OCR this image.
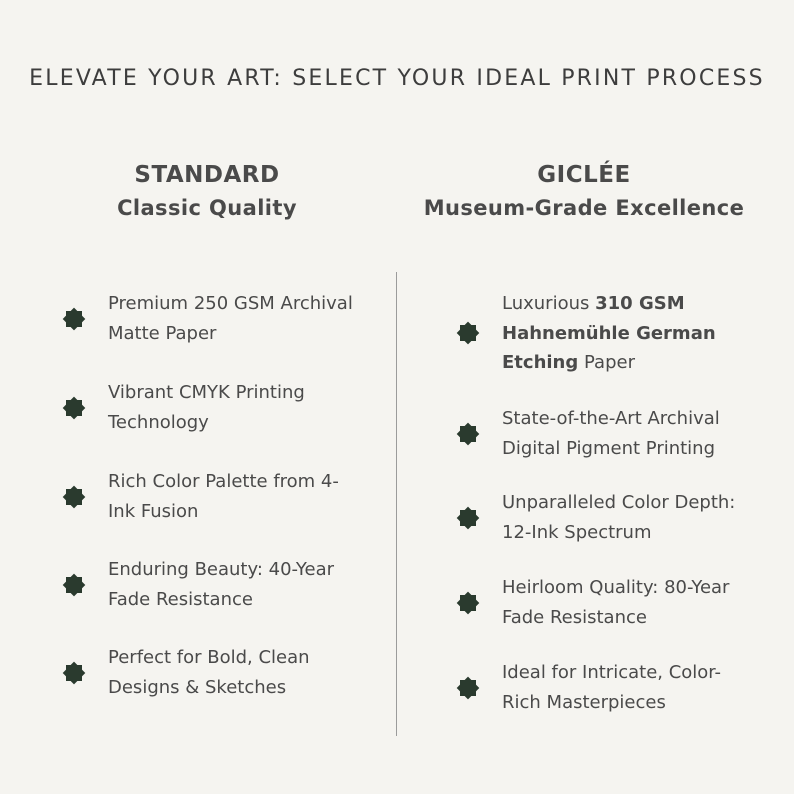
ELEVATE YOUR ART: SELECT YOUR IDEAL PRINT PROCESS
STANDARD
Classic Quality
GICLÉE
Museum-Grade Excellence
Premium 250 GSM Archival Matte Paper
Vibrant CMYK Printing Technology
Rich Color Palette from 4-Ink Fusion
Enduring Beauty: 40-Year Fade Resistance
Perfect for Bold, Clean Designs & Sketches
Luxurious 310 GSM Hahnemühle German Etching Paper
State-of-the-Art Archival Digital Pigment Printing
Unparalleled Color Depth: 12-Ink Spectrum
Heirloom Quality: 80-Year Fade Resistance
Ideal for Intricate, Color-Rich Masterpieces
